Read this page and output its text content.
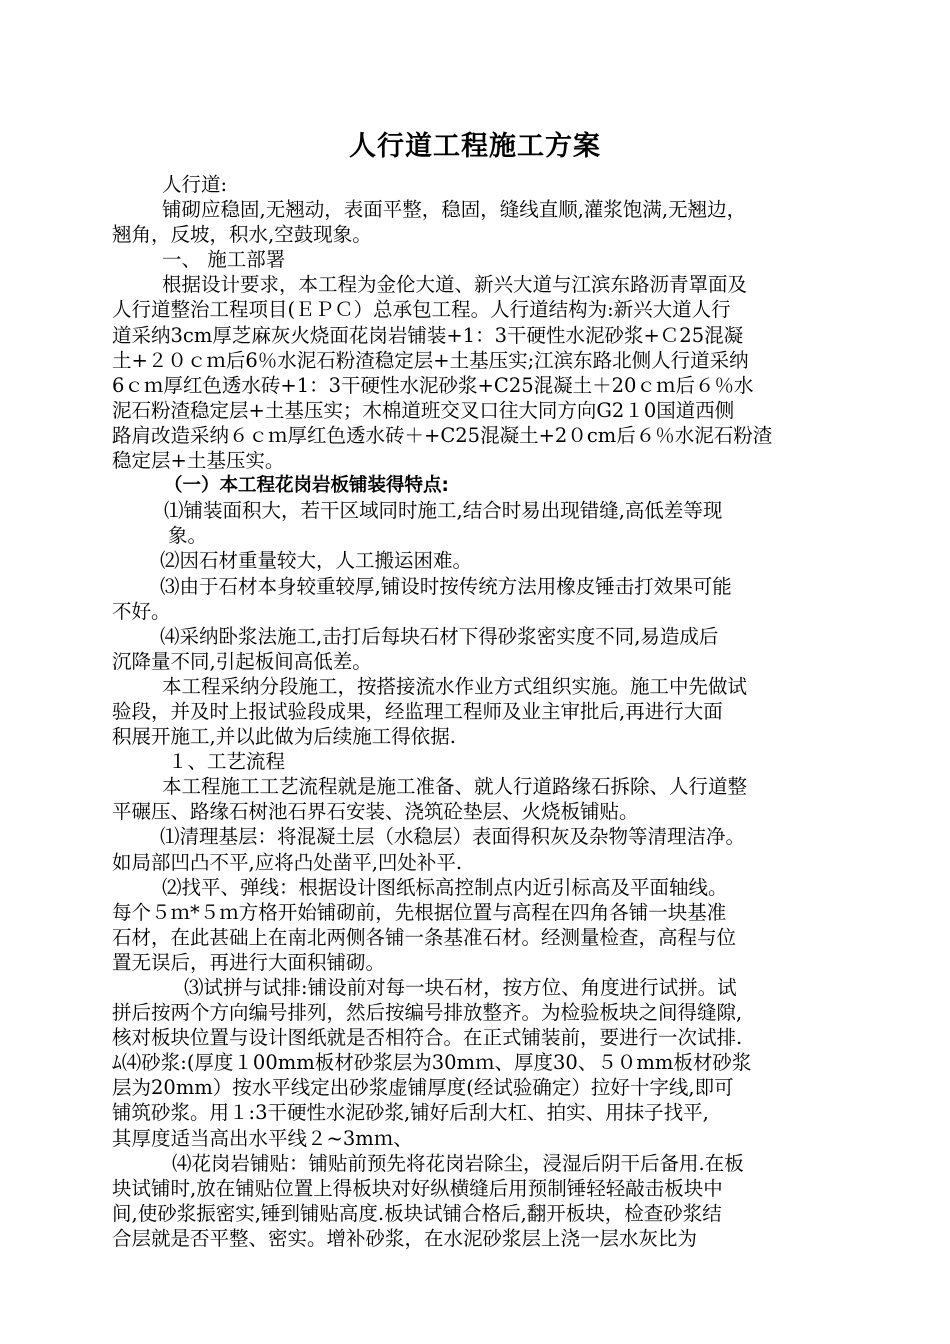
人行道工程施工方案
人行道:
铺砌应稳固,无翘动，表面平整，稳固，缝线直顺,灌浆饱满,无翘边，
翘角，反坡，积水,空鼓现象。
一、 施工部署
根据设计要求，本工程为金伦大道、新兴大道与江滨东路沥青罩面及
人行道整治工程项目(ＥＰＣ）总承包工程。人行道结构为:新兴大道人行
道采纳3cm厚芝麻灰火烧面花岗岩铺装+1：3干硬性水泥砂浆+Ｃ25混凝
土+２０ｃｍ后6％水泥石粉渣稳定层+土基压实;江滨东路北侧人行道采纳
6ｃｍ厚红色透水砖+1：3干硬性水泥砂浆+C25混凝土＋20ｃｍ后６％水
泥石粉渣稳定层+土基压实；木棉道班交叉口往大同方向G2１0国道西侧
路肩改造采纳６ｃｍ厚红色透水砖＋+C25混凝土+2０cm后６％水泥石粉渣
稳定层+土基压实。
（一）本工程花岗岩板铺装得特点:
⑴铺装面积大，若干区域同时施工,结合时易出现错缝,高低差等现
象。
⑵因石材重量较大，人工搬运困难。
⑶由于石材本身较重较厚,铺设时按传统方法用橡皮锤击打效果可能
不好。
⑷采纳卧浆法施工,击打后每块石材下得砂浆密实度不同,易造成后
沉降量不同,引起板间高低差。
本工程采纳分段施工，按搭接流水作业方式组织实施。施工中先做试
验段，并及时上报试验段成果，经监理工程师及业主审批后,再进行大面
积展开施工,并以此做为后续施工得依据.
１、工艺流程
本工程施工工艺流程就是施工准备、就人行道路缘石拆除、人行道整
平碾压、路缘石树池石界石安装、浇筑砼垫层、火烧板铺贴。
⑴清理基层：将混凝土层（水稳层）表面得积灰及杂物等清理洁净。
如局部凹凸不平,应将凸处凿平,凹处补平.
⑵找平、弹线：根据设计图纸标高控制点内近引标高及平面轴线。
每个５ｍ*５ｍ方格开始铺砌前，先根据位置与高程在四角各铺一块基准
石材，在此甚础上在南北两侧各铺一条基准石材。经测量检查，高程与位
置无误后，再进行大面积铺砌。
⑶试拼与试排:铺设前对每一块石材，按方位、角度进行试拼。试
拼后按两个方向编号排列，然后按编号排放整齐。为检验板块之间得缝隙,
核对板块位置与设计图纸就是否相符合。在正式铺装前，要进行一次试排.
ﾑ⑷砂浆:(厚度１00mm板材砂浆层为30mｍ、厚度30、５０mm板材砂浆
层为20mm）按水平线定出砂浆虚铺厚度(经试验确定）拉好十字线,即可
铺筑砂浆。用１:3干硬性水泥砂浆,铺好后刮大杠、拍实、用抹子找平,
其厚度适当高出水平线２~3mｍ、
⑷花岗岩铺贴：铺贴前预先将花岗岩除尘，浸湿后阴干后备用.在板
块试铺时,放在铺贴位置上得板块对好纵横缝后用预制锤轻轻敲击板块中
间,使砂浆振密实,锤到铺贴高度.板块试铺合格后,翻开板块，检查砂浆结
合层就是否平整、密实。增补砂浆，在水泥砂浆层上浇一层水灰比为
